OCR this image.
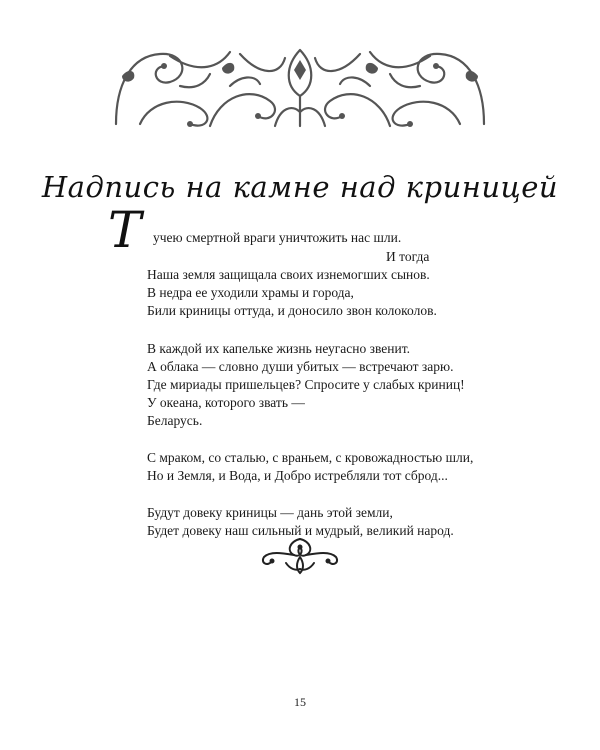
Надпись на камне над криницей
Т учею смертной враги уничтожить нас шли.
И тогда
Наша земля защищала своих изнемогших сынов.
В недра ее уходили храмы и города,
Били криницы оттуда, и доносило звон колоколов.
В каждой их капельке жизнь неугасно звенит.
А облака — словно души убитых — встречают зарю.
Где мириады пришельцев? Спросите у слабых криниц!
У океана, которого звать —
Беларусь.
С мраком, со сталью, с враньем, с кровожадностью шли,
Но и Земля, и Вода, и Добро истребляли тот сброд...
Будут довеку криницы — дань этой земли,
Будет довеку наш сильный и мудрый, великий народ.
15
